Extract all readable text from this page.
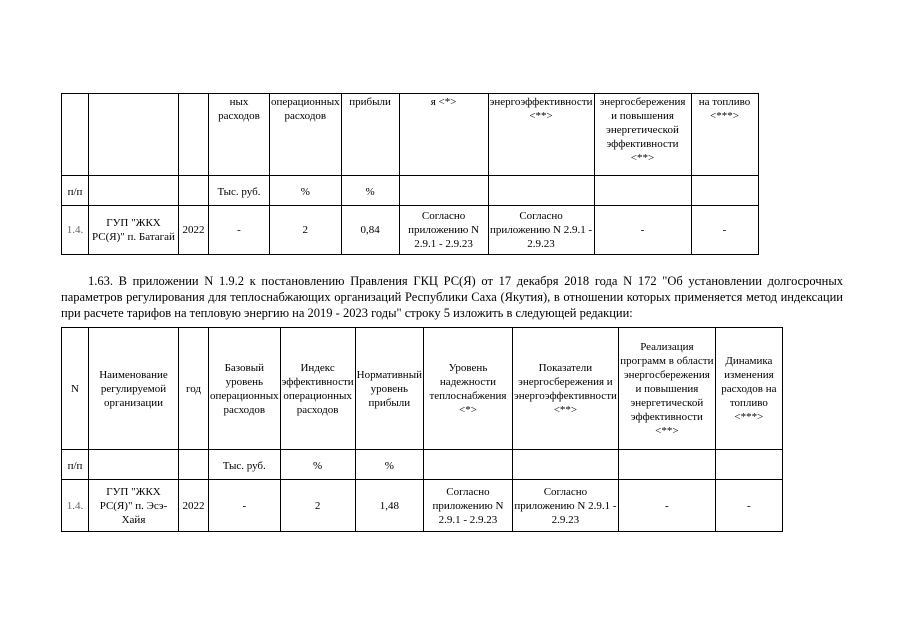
			ных расходов	операционных расходов	прибыли	я <*>	энергоэффективности <**>	энергосбережения и повышения энергетической эффективности <**>	на топливо <***>
п/п			Тыс. руб.	%	%				
1.4.	ГУП "ЖКХ РС(Я)" п. Батагай	2022	-	2	0,84	Согласно приложению N 2.9.1 - 2.9.23	Согласно приложению N 2.9.1 - 2.9.23	-	-

1.63. В приложении N 1.9.2 к постановлению Правления ГКЦ РС(Я) от 17 декабря 2018 года N 172 "Об установлении долгосрочных параметров регулирования для теплоснабжающих организаций Республики Саха (Якутия), в отношении которых применяется метод индексации при расчете тарифов на тепловую энергию на 2019 - 2023 годы" строку 5 изложить в следующей редакции:

N	Наименование регулируемой организации	год	Базовый уровень операционных расходов	Индекс эффективности операционных расходов	Нормативный уровень прибыли	Уровень надежности теплоснабжения <*>	Показатели энергосбережения и энергоэффективности <**>	Реализация программ в области энергосбережения и повышения энергетической эффективности <**>	Динамика изменения расходов на топливо <***>
п/п			Тыс. руб.	%	%				
1.4.	ГУП "ЖКХ РС(Я)" п. Эсэ-Хайя	2022	-	2	1,48	Согласно приложению N 2.9.1 - 2.9.23	Согласно приложению N 2.9.1 - 2.9.23	-	-
